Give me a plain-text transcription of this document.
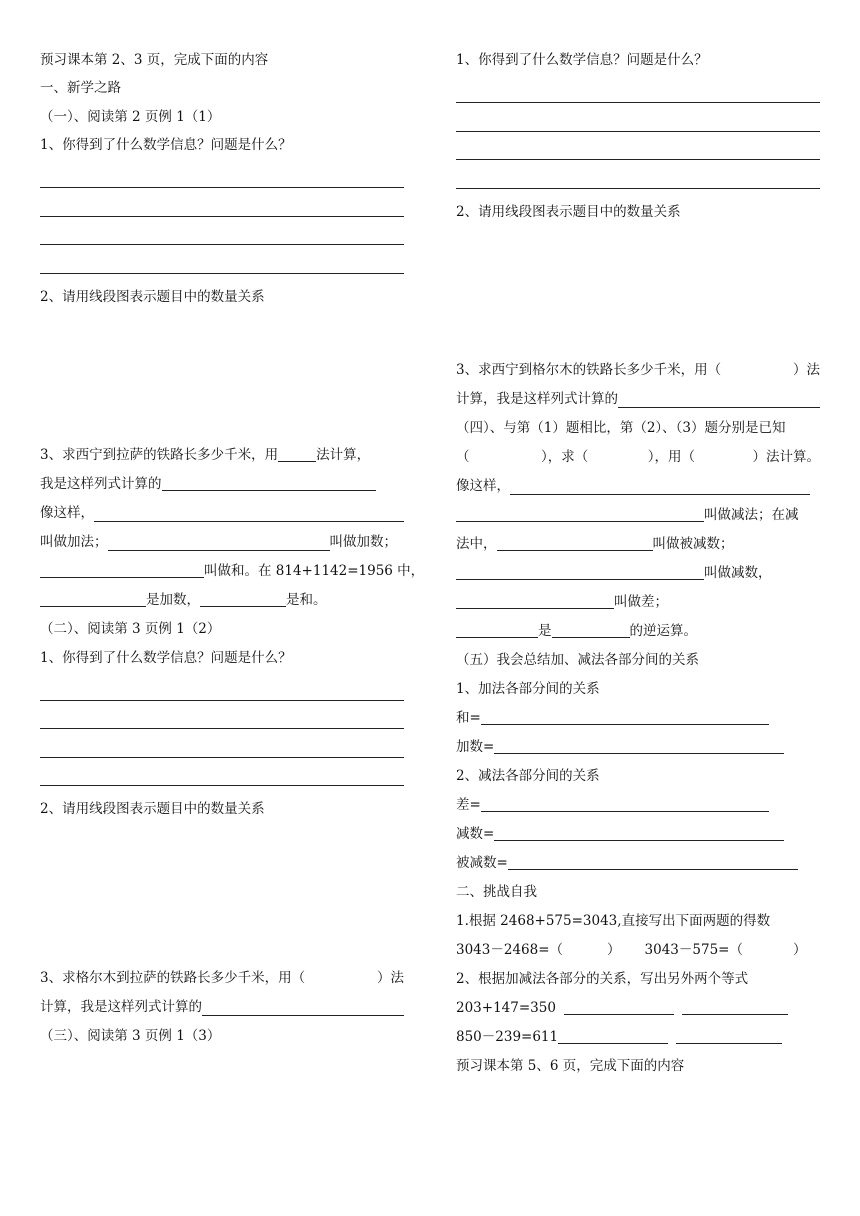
预习课本第 2、3 页，完成下面的内容
一、新学之路
（一）、阅读第 2 页例 1（1）
1、你得到了什么数学信息？问题是什么？
2、请用线段图表示题目中的数量关系
3、求西宁到拉萨的铁路长多少千米，用	法计算，
我是这样列式计算的
像这样，
叫做加法；	叫做加数；
叫做和。在 814+1142=1956 中，
是加数，	是和。
（二）、阅读第 3 页例 1（2）
1、你得到了什么数学信息？问题是什么？
2、请用线段图表示题目中的数量关系
3、求格尔木到拉萨的铁路长多少千米，用（	）法
计算，我是这样列式计算的
（三）、阅读第 3 页例 1（3）
1、你得到了什么数学信息？问题是什么？
2、请用线段图表示题目中的数量关系
3、求西宁到格尔木的铁路长多少千米，用（	）法
计算，我是这样列式计算的
（四）、与第（1）题相比，第（2）、（3）题分别是已知
（	），求（	），用（	）法计算。
像这样，
叫做减法；在减
法中，	叫做被减数；
叫做减数，
叫做差；
是	的逆运算。
（五）我会总结加、减法各部分间的关系
1、加法各部分间的关系
和=
加数=
2、减法各部分间的关系
差=
减数=
被减数=
二、挑战自我
1.根据 2468+575=3043,直接写出下面两题的得数
3043－2468=（	） 3043－575=（	）
2、根据加减法各部分的关系，写出另外两个等式
203+147=350
850－239=611
预习课本第 5、6 页，完成下面的内容
